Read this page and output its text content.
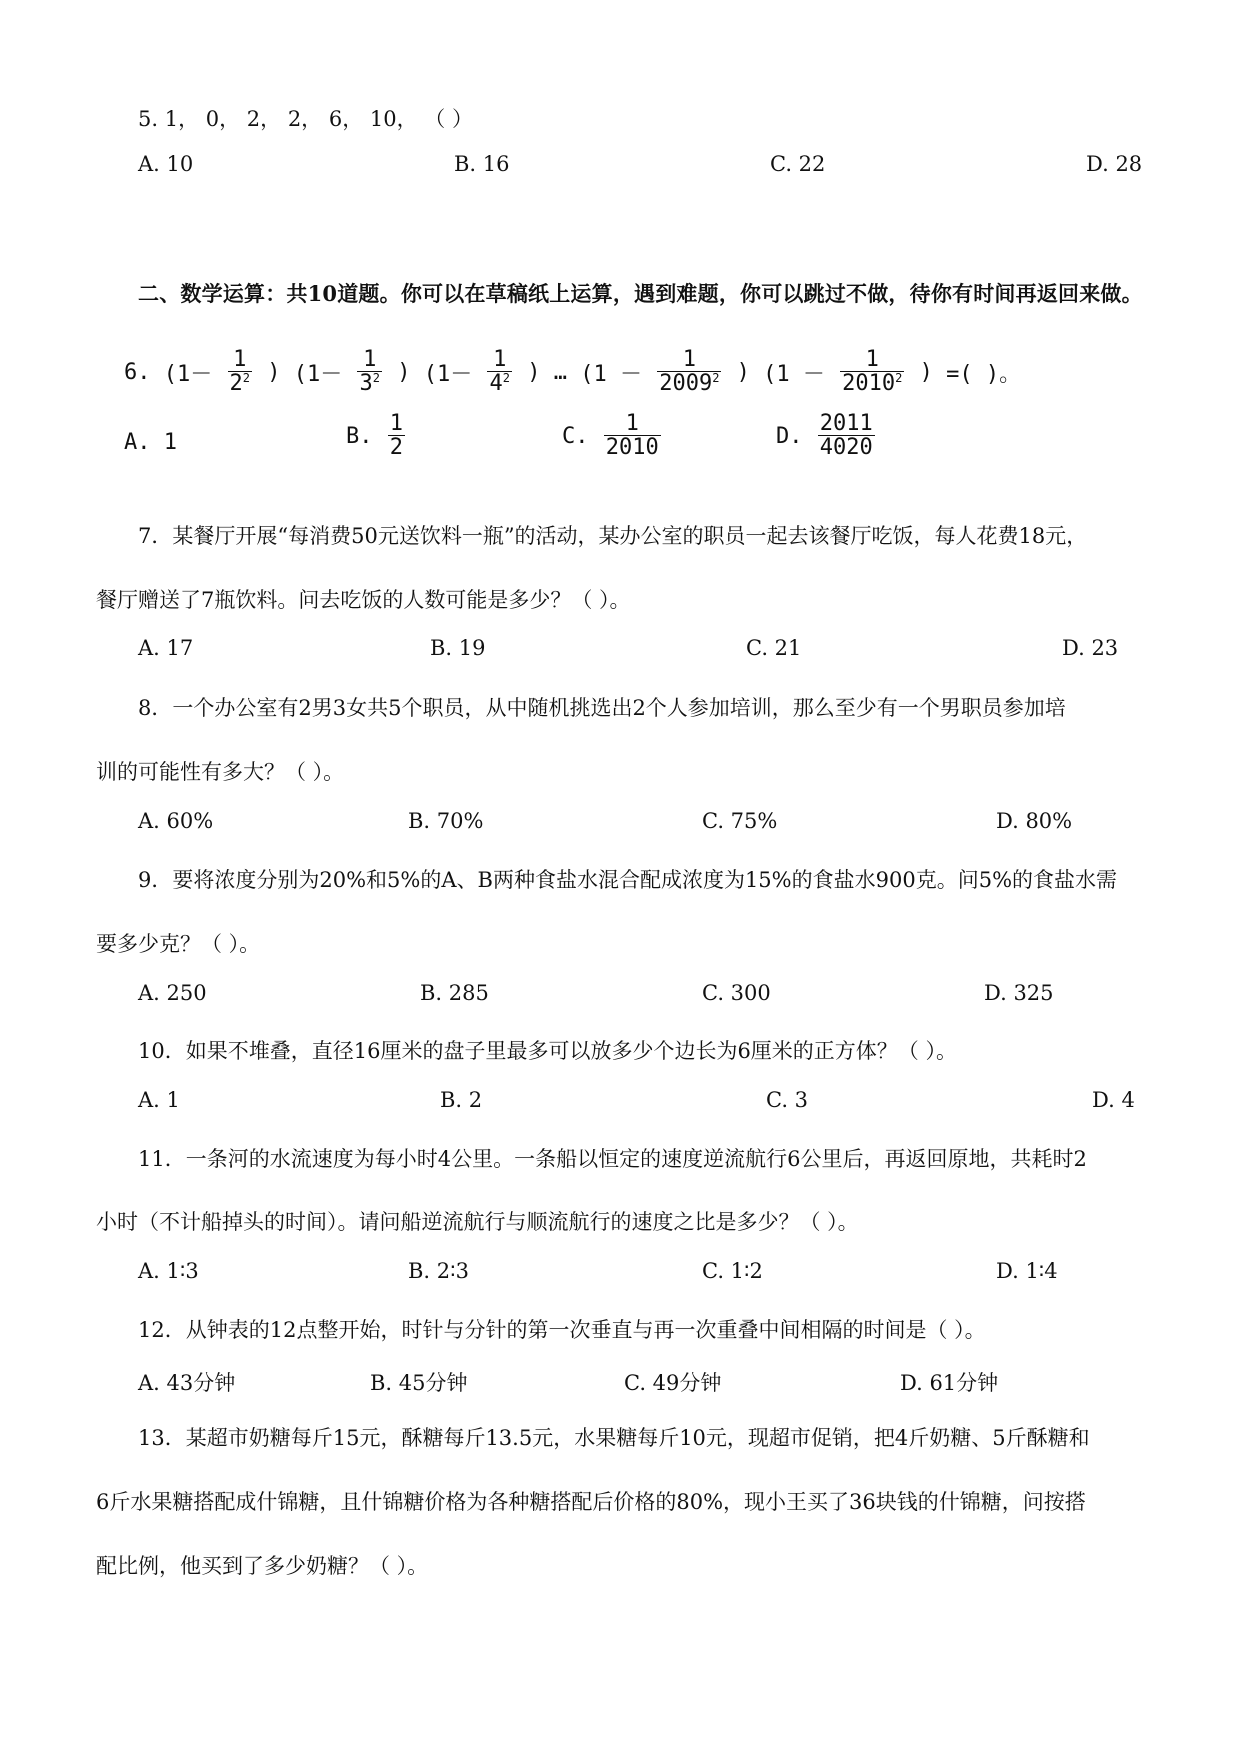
5. 1， 0， 2， 2， 6， 10， （ ）
A. 10	B. 16	C. 22	D. 28
二、数学运算：共10道题。你可以在草稿纸上运算，遇到难题，你可以跳过不做，待你有时间再返回来做。
6. ($1- \frac{1}{2^2}$ ) ($1- \frac{1}{3^2}$ ) ($1- \frac{1}{4^2}$ ) … ($1 - \frac{1}{2009^2}$ ) ($1 - \frac{1}{2010^2}$ ) =( )。
A. 1	B. $\frac{1}{2}$	C. $\frac{1}{2010}$	D. $\frac{2011}{4020}$
7．某餐厅开展“每消费50元送饮料一瓶”的活动，某办公室的职员一起去该餐厅吃饭，每人花费18元，
餐厅赠送了7瓶饮料。问去吃饭的人数可能是多少？（ ）。
A. 17	B. 19	C. 21	D. 23
8．一个办公室有2男3女共5个职员，从中随机挑选出2个人参加培训，那么至少有一个男职员参加培
训的可能性有多大？（ ）。
A. 60%	B. 70%	C. 75%	D. 80%
9．要将浓度分别为20%和5%的A、B两种食盐水混合配成浓度为15%的食盐水900克。问5%的食盐水需
要多少克？（ ）。
A. 250	B. 285	C. 300	D. 325
10．如果不堆叠，直径16厘米的盘子里最多可以放多少个边长为6厘米的正方体？（ ）。
A. 1	B. 2	C. 3	D. 4
11．一条河的水流速度为每小时4公里。一条船以恒定的速度逆流航行6公里后，再返回原地，共耗时2
小时（不计船掉头的时间）。请问船逆流航行与顺流航行的速度之比是多少？（ ）。
A. 1∶3	B. 2∶3	C. 1∶2	D. 1∶4
12．从钟表的12点整开始，时针与分针的第一次垂直与再一次重叠中间相隔的时间是（ ）。
A. 43分钟	B. 45分钟	C. 49分钟	D. 61分钟
13．某超市奶糖每斤15元，酥糖每斤13.5元，水果糖每斤10元，现超市促销，把4斤奶糖、5斤酥糖和
6斤水果糖搭配成什锦糖，且什锦糖价格为各种糖搭配后价格的80%，现小王买了36块钱的什锦糖，问按搭
配比例，他买到了多少奶糖？（ ）。
